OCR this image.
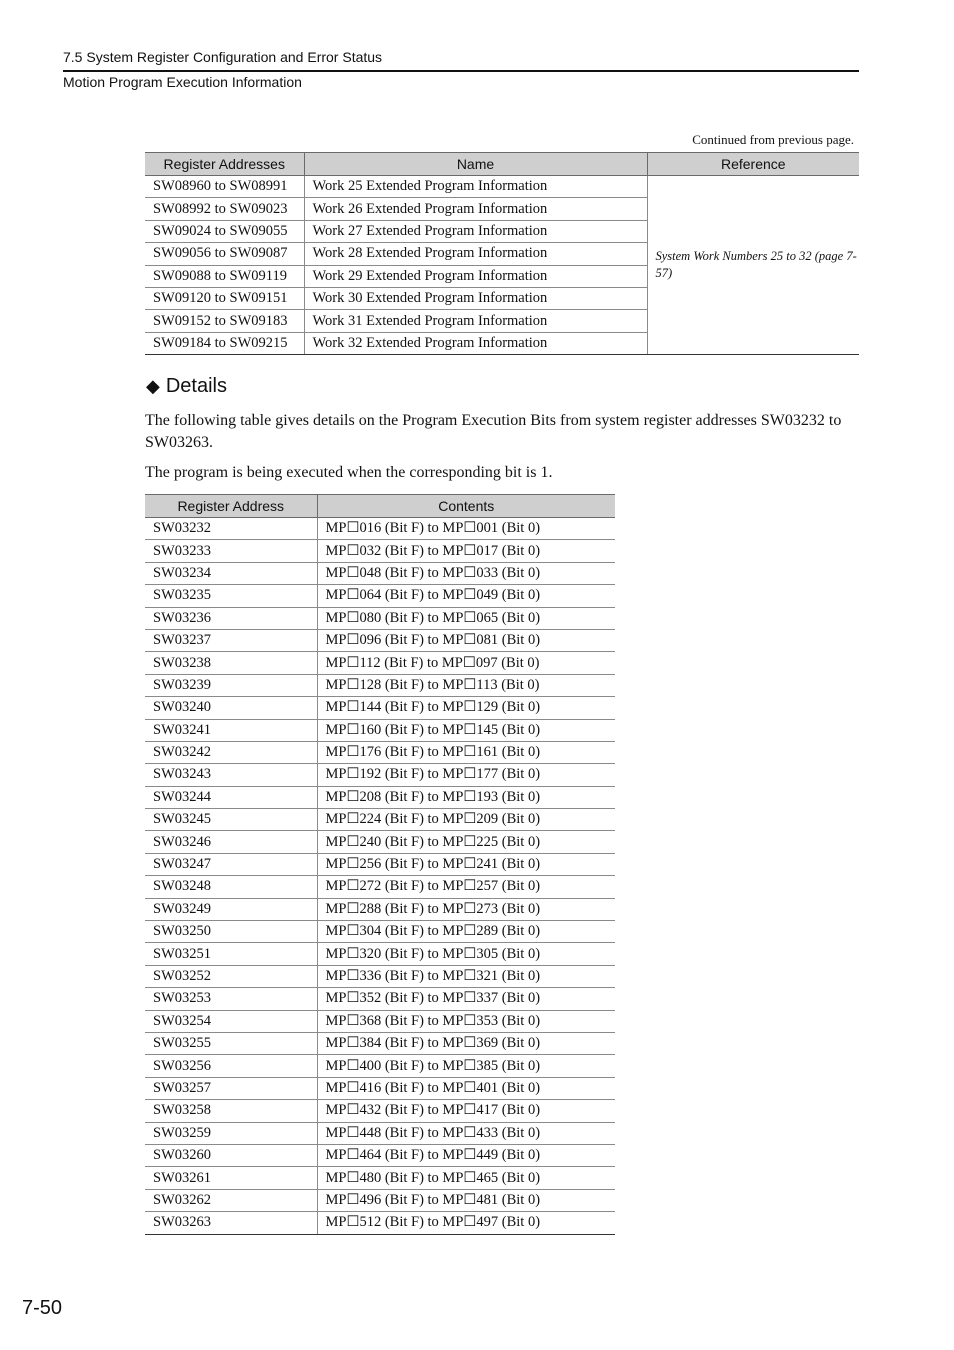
7.5 System Register Configuration and Error Status
Motion Program Execution Information
Continued from previous page.
Register Addresses	Name	Reference
SW08960 to SW08991	Work 25 Extended Program Information	System Work Numbers 25 to 32 (page 7-57)
SW08992 to SW09023	Work 26 Extended Program Information	
SW09024 to SW09055	Work 27 Extended Program Information	
SW09056 to SW09087	Work 28 Extended Program Information	
SW09088 to SW09119	Work 29 Extended Program Information	
SW09120 to SW09151	Work 30 Extended Program Information	
SW09152 to SW09183	Work 31 Extended Program Information	
SW09184 to SW09215	Work 32 Extended Program Information	
◆ Details
The following table gives details on the Program Execution Bits from system register addresses SW03232 to SW03263.
The program is being executed when the corresponding bit is 1.
Register Address	Contents
SW03232	MP☐016 (Bit F) to MP☐001 (Bit 0)
SW03233	MP☐032 (Bit F) to MP☐017 (Bit 0)
SW03234	MP☐048 (Bit F) to MP☐033 (Bit 0)
SW03235	MP☐064 (Bit F) to MP☐049 (Bit 0)
SW03236	MP☐080 (Bit F) to MP☐065 (Bit 0)
SW03237	MP☐096 (Bit F) to MP☐081 (Bit 0)
SW03238	MP☐112 (Bit F) to MP☐097 (Bit 0)
SW03239	MP☐128 (Bit F) to MP☐113 (Bit 0)
SW03240	MP☐144 (Bit F) to MP☐129 (Bit 0)
SW03241	MP☐160 (Bit F) to MP☐145 (Bit 0)
SW03242	MP☐176 (Bit F) to MP☐161 (Bit 0)
SW03243	MP☐192 (Bit F) to MP☐177 (Bit 0)
SW03244	MP☐208 (Bit F) to MP☐193 (Bit 0)
SW03245	MP☐224 (Bit F) to MP☐209 (Bit 0)
SW03246	MP☐240 (Bit F) to MP☐225 (Bit 0)
SW03247	MP☐256 (Bit F) to MP☐241 (Bit 0)
SW03248	MP☐272 (Bit F) to MP☐257 (Bit 0)
SW03249	MP☐288 (Bit F) to MP☐273 (Bit 0)
SW03250	MP☐304 (Bit F) to MP☐289 (Bit 0)
SW03251	MP☐320 (Bit F) to MP☐305 (Bit 0)
SW03252	MP☐336 (Bit F) to MP☐321 (Bit 0)
SW03253	MP☐352 (Bit F) to MP☐337 (Bit 0)
SW03254	MP☐368 (Bit F) to MP☐353 (Bit 0)
SW03255	MP☐384 (Bit F) to MP☐369 (Bit 0)
SW03256	MP☐400 (Bit F) to MP☐385 (Bit 0)
SW03257	MP☐416 (Bit F) to MP☐401 (Bit 0)
SW03258	MP☐432 (Bit F) to MP☐417 (Bit 0)
SW03259	MP☐448 (Bit F) to MP☐433 (Bit 0)
SW03260	MP☐464 (Bit F) to MP☐449 (Bit 0)
SW03261	MP☐480 (Bit F) to MP☐465 (Bit 0)
SW03262	MP☐496 (Bit F) to MP☐481 (Bit 0)
SW03263	MP☐512 (Bit F) to MP☐497 (Bit 0)
7-50
